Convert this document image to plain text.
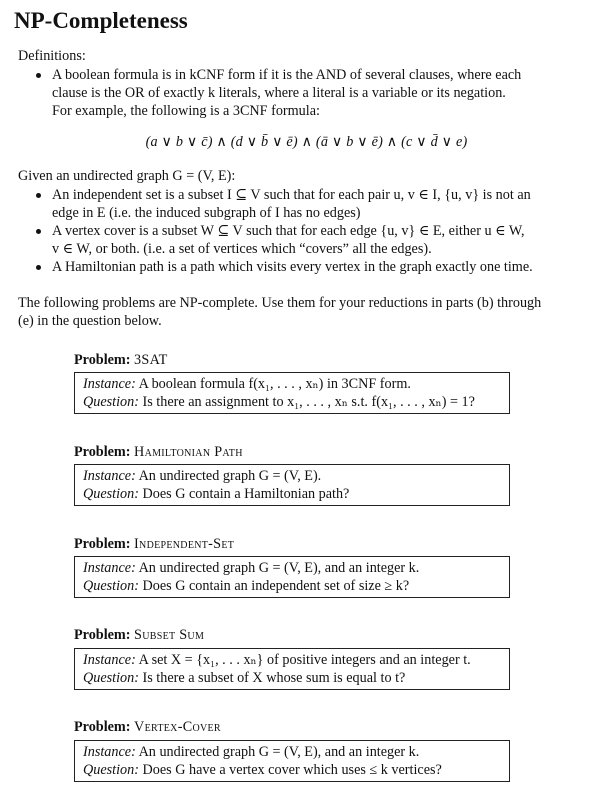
NP-Completeness
Definitions:
A boolean formula is in kCNF form if it is the AND of several clauses, where each
clause is the OR of exactly k literals, where a literal is a variable or its negation.
For example, the following is a 3CNF formula:
(a ∨ b ∨ c̄) ∧ (d ∨ b̄ ∨ ē) ∧ (ā ∨ b ∨ ē) ∧ (c ∨ d̄ ∨ e)
Given an undirected graph G = (V, E):
An independent set is a subset I ⊆ V such that for each pair u, v ∈ I, {u, v} is not an
edge in E (i.e. the induced subgraph of I has no edges)
A vertex cover is a subset W ⊆ V such that for each edge {u, v} ∈ E, either u ∈ W,
v ∈ W, or both. (i.e. a set of vertices which “covers” all the edges).
A Hamiltonian path is a path which visits every vertex in the graph exactly one time.
The following problems are NP-complete. Use them for your reductions in parts (b) through
(e) in the question below.
Problem: 3SAT
Instance: A boolean formula f(x₁, . . . , xₙ) in 3CNF form.
Question: Is there an assignment to x₁, . . . , xₙ s.t. f(x₁, . . . , xₙ) = 1?
Problem: Hamiltonian Path
Instance: An undirected graph G = (V, E).
Question: Does G contain a Hamiltonian path?
Problem: Independent-Set
Instance: An undirected graph G = (V, E), and an integer k.
Question: Does G contain an independent set of size ≥ k?
Problem: Subset Sum
Instance: A set X = {x₁, . . . xₙ} of positive integers and an integer t.
Question: Is there a subset of X whose sum is equal to t?
Problem: Vertex-Cover
Instance: An undirected graph G = (V, E), and an integer k.
Question: Does G have a vertex cover which uses ≤ k vertices?
